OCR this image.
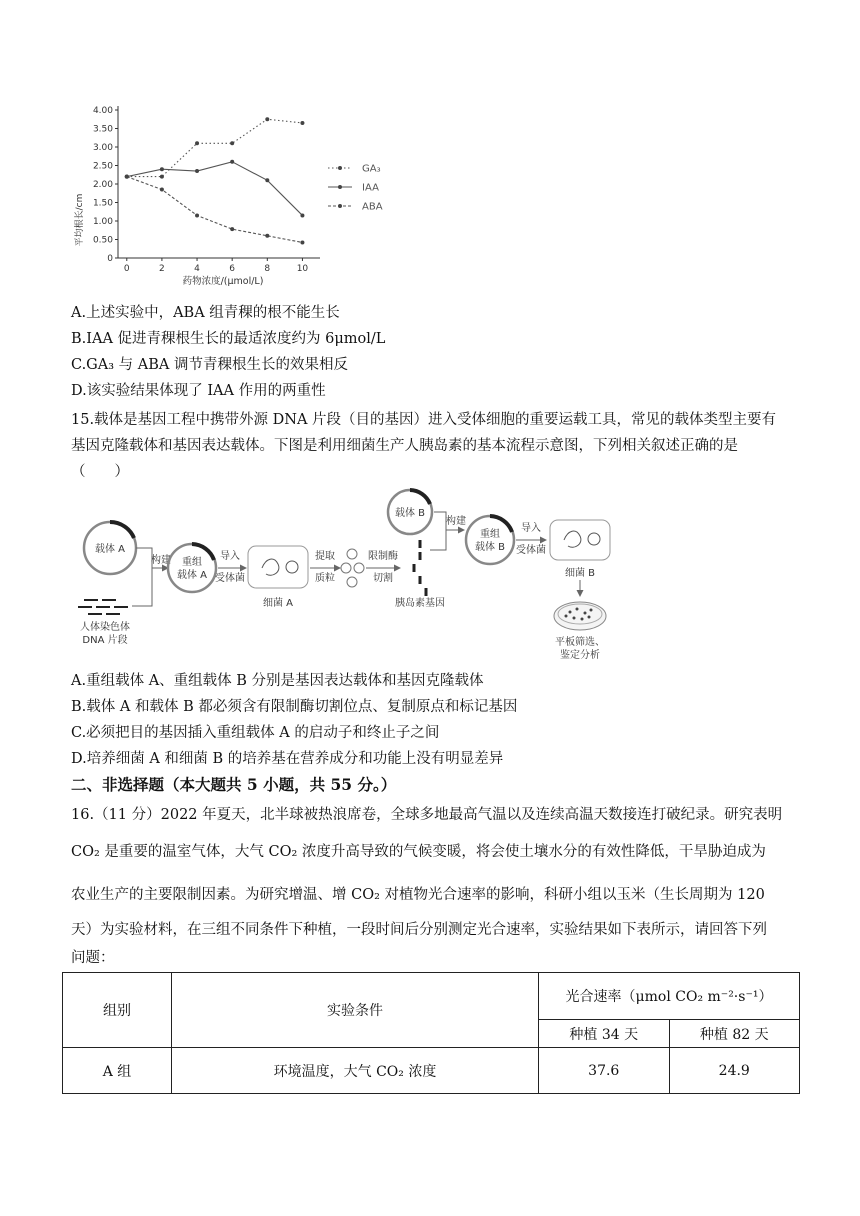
0
0.50
1.00
1.50
2.00
2.50
3.00
3.50
4.00
0	2	4	6	8	10
GA₃
IAA
ABA
平均根长/cm
药物浓度/(μmol/L)
A.上述实验中，ABA 组青稞的根不能生长
B.IAA 促进青稞根生长的最适浓度约为 6μmol/L
C.GA₃ 与 ABA 调节青稞根生长的效果相反
D.该实验结果体现了 IAA 作用的两重性
15.载体是基因工程中携带外源 DNA 片段（目的基因）进入受体细胞的重要运载工具，常见的载体类型主要有
基因克隆载体和基因表达载体。下图是利用细菌生产人胰岛素的基本流程示意图，下列相关叙述正确的是
（　　）
载体 A
人体染色体
DNA 片段
构建 重组
载体 A
导入
受体菌
细菌 A
提取
质粒
限制酶
切割
胰岛素基因
载体 B
构建
重组
载体 B
导入
受体菌
细菌 B
平板筛选、
鉴定分析
A.重组载体 A、重组载体 B 分别是基因表达载体和基因克隆载体
B.载体 A 和载体 B 都必须含有限制酶切割位点、复制原点和标记基因
C.必须把目的基因插入重组载体 A 的启动子和终止子之间
D.培养细菌 A 和细菌 B 的培养基在营养成分和功能上没有明显差异
二、非选择题（本大题共 5 小题，共 55 分。）
16.（11 分）2022 年夏天，北半球被热浪席卷，全球多地最高气温以及连续高温天数接连打破纪录。研究表明
CO₂ 是重要的温室气体，大气 CO₂ 浓度升高导致的气候变暖，将会使土壤水分的有效性降低，干旱胁迫成为
农业生产的主要限制因素。为研究增温、增 CO₂ 对植物光合速率的影响，科研小组以玉米（生长周期为 120
天）为实验材料，在三组不同条件下种植，一段时间后分别测定光合速率，实验结果如下表所示，请回答下列
问题：
组别	实验条件	光合速率（μmol CO₂ m⁻²·s⁻¹）	
		种植 34 天	种植 82 天
A 组	环境温度，大气 CO₂ 浓度	37.6	24.9
